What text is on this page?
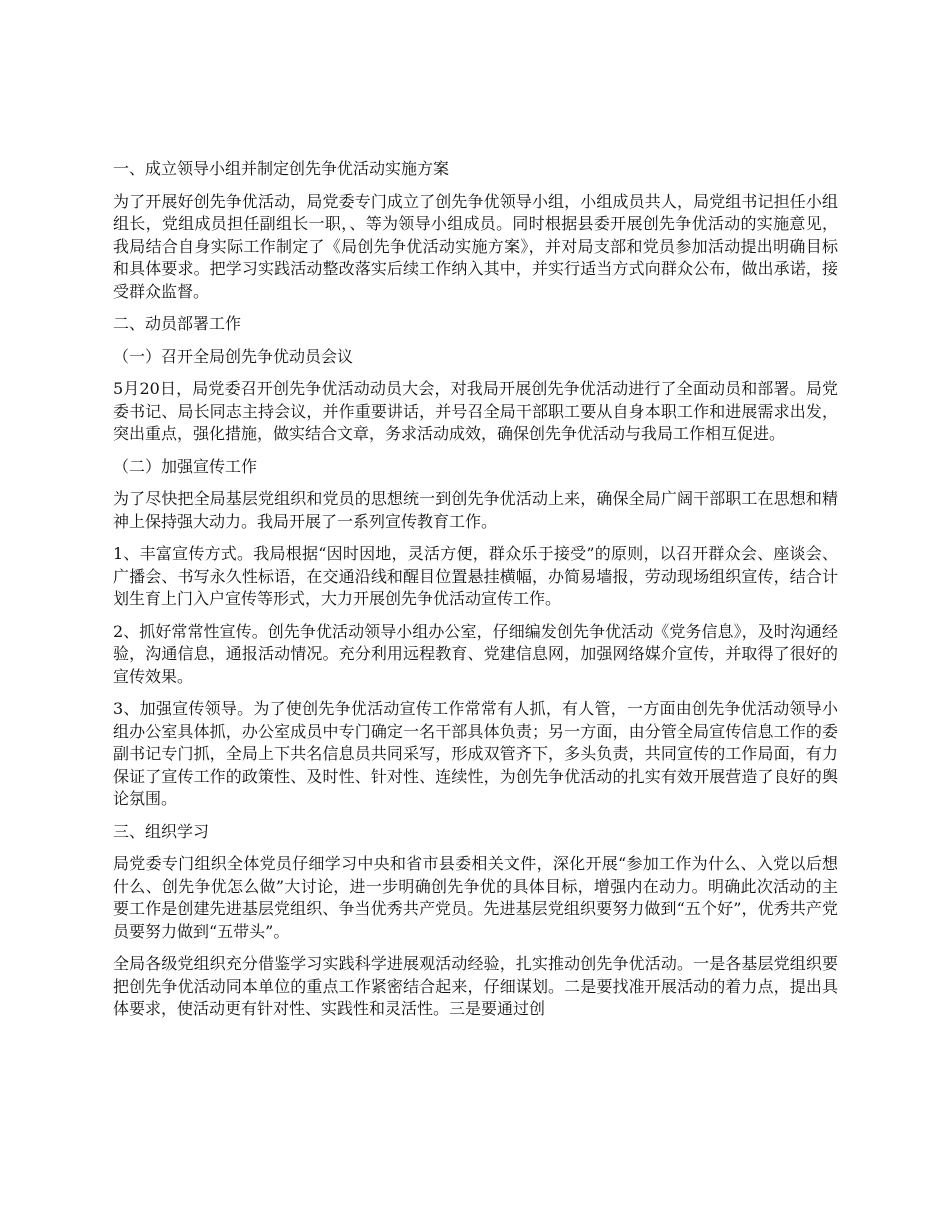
一、成立领导小组并制定创先争优活动实施方案

为了开展好创先争优活动，局党委专门成立了创先争优领导小组，小组成员共人，局党组书记担任小组组长，党组成员担任副组长一职，、等为领导小组成员。同时根据县委开展创先争优活动的实施意见，我局结合自身实际工作制定了《局创先争优活动实施方案》，并对局支部和党员参加活动提出明确目标和具体要求。把学习实践活动整改落实后续工作纳入其中，并实行适当方式向群众公布，做出承诺，接受群众监督。

二、动员部署工作

（一）召开全局创先争优动员会议

5月20日，局党委召开创先争优活动动员大会，对我局开展创先争优活动进行了全面动员和部署。局党委书记、局长同志主持会议，并作重要讲话，并号召全局干部职工要从自身本职工作和进展需求出发，突出重点，强化措施，做实结合文章，务求活动成效，确保创先争优活动与我局工作相互促进。

（二）加强宣传工作

为了尽快把全局基层党组织和党员的思想统一到创先争优活动上来，确保全局广阔干部职工在思想和精神上保持强大动力。我局开展了一系列宣传教育工作。

1、丰富宣传方式。我局根据“因时因地，灵活方便，群众乐于接受”的原则，以召开群众会、座谈会、广播会、书写永久性标语，在交通沿线和醒目位置悬挂横幅，办简易墙报，劳动现场组织宣传，结合计划生育上门入户宣传等形式，大力开展创先争优活动宣传工作。

2、抓好常常性宣传。创先争优活动领导小组办公室，仔细编发创先争优活动《党务信息》，及时沟通经验，沟通信息，通报活动情况。充分利用远程教育、党建信息网，加强网络媒介宣传，并取得了很好的宣传效果。

3、加强宣传领导。为了使创先争优活动宣传工作常常有人抓，有人管，一方面由创先争优活动领导小组办公室具体抓，办公室成员中专门确定一名干部具体负责；另一方面，由分管全局宣传信息工作的委副书记专门抓，全局上下共名信息员共同采写，形成双管齐下，多头负责，共同宣传的工作局面，有力保证了宣传工作的政策性、及时性、针对性、连续性，为创先争优活动的扎实有效开展营造了良好的舆论氛围。

三、组织学习

局党委专门组织全体党员仔细学习中央和省市县委相关文件，深化开展“参加工作为什么、入党以后想什么、创先争优怎么做”大讨论，进一步明确创先争优的具体目标，增强内在动力。明确此次活动的主要工作是创建先进基层党组织、争当优秀共产党员。先进基层党组织要努力做到“五个好”，优秀共产党员要努力做到“五带头”。

全局各级党组织充分借鉴学习实践科学进展观活动经验，扎实推动创先争优活动。一是各基层党组织要把创先争优活动同本单位的重点工作紧密结合起来，仔细谋划。二是要找准开展活动的着力点，提出具体要求，使活动更有针对性、实践性和灵活性。三是要通过创
